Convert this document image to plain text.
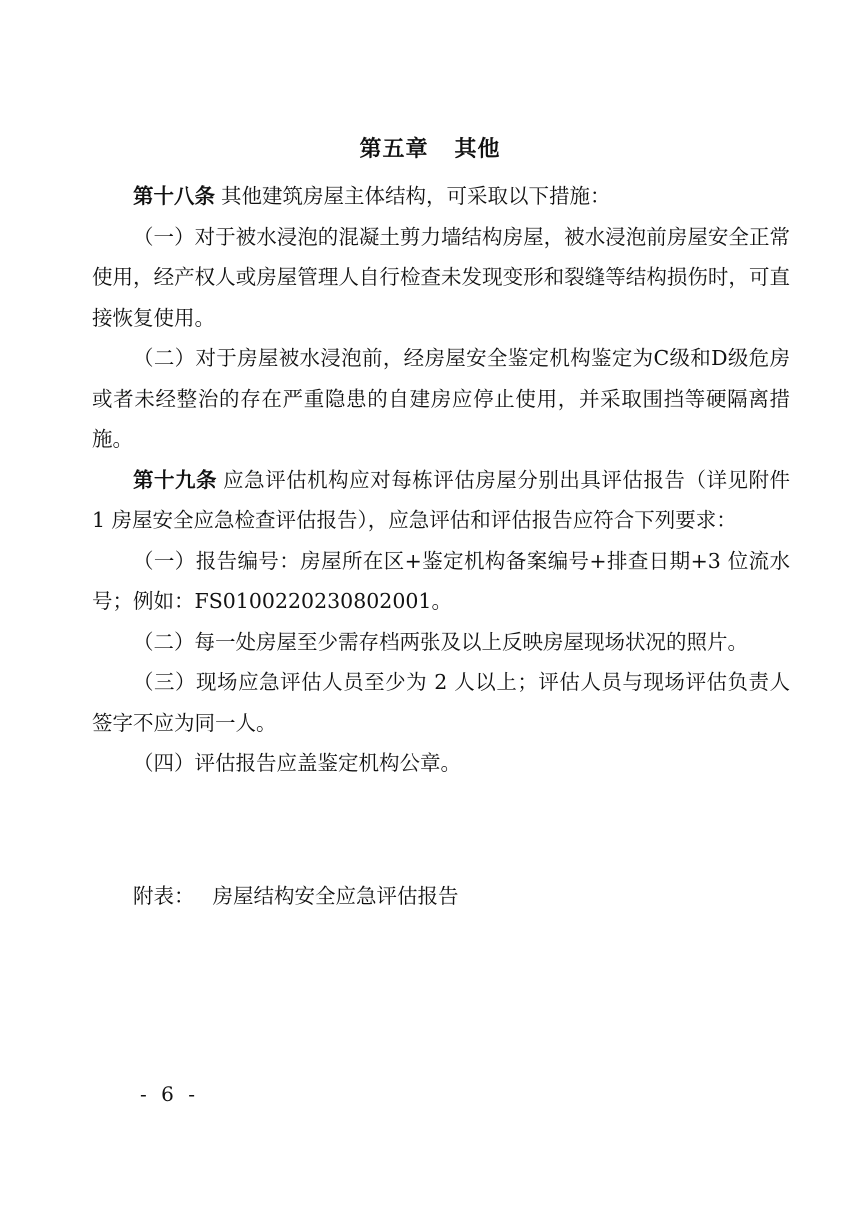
第五章 其他

第十八条 其他建筑房屋主体结构，可采取以下措施：

（一）对于被水浸泡的混凝土剪力墙结构房屋，被水浸泡前房屋安全正常使用，经产权人或房屋管理人自行检查未发现变形和裂缝等结构损伤时，可直接恢复使用。

（二）对于房屋被水浸泡前，经房屋安全鉴定机构鉴定为C级和D级危房或者未经整治的存在严重隐患的自建房应停止使用，并采取围挡等硬隔离措施。

第十九条 应急评估机构应对每栋评估房屋分别出具评估报告（详见附件 1 房屋安全应急检查评估报告），应急评估和评估报告应符合下列要求：

（一）报告编号：房屋所在区+鉴定机构备案编号+排查日期+3 位流水号；例如：FS0100220230802001。

（二）每一处房屋至少需存档两张及以上反映房屋现场状况的照片。

（三）现场应急评估人员至少为 2 人以上；评估人员与现场评估负责人签字不应为同一人。

（四）评估报告应盖鉴定机构公章。

附表： 房屋结构安全应急评估报告
- 6 -
